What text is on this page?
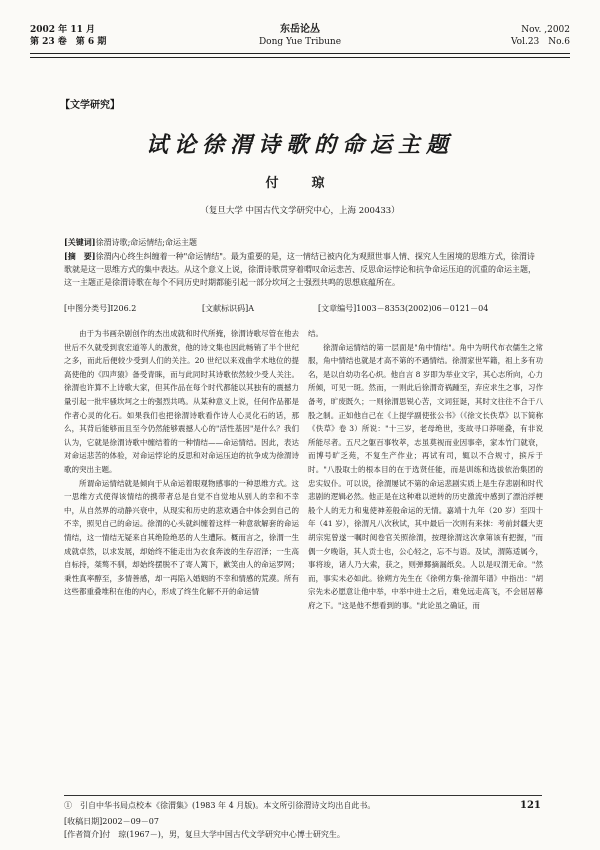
2002 年 11 月
第 23 卷　第 6 期
东岳论丛
Dong Yue Tribune
Nov. ,2002
Vol.23　No.6
【文学研究】
试论徐渭诗歌的命运主题
付　琼
（复旦大学 中国古代文学研究中心，上海 200433）
[关键词]徐渭诗歌;命运情结;命运主题
[摘　要]徐渭内心终生纠缠着一种"命运情结"。最为重要的是，这一情结已被内化为观照世事人情、探究人生困境的思维方式，徐渭诗歌就是这一思维方式的集中表达。从这个意义上说，徐渭诗歌贯穿着喟叹命运悲苦、反思命运悖论和抗争命运压迫的沉重的命运主题，这一主题正是徐渭诗歌在每个不同历史时期都能引起一部分坎坷之士强烈共鸣的思想底蕴所在。
[中图分类号]I206.2	[文献标识码]A	[文章编号]1003－8353(2002)06－0121－04

由于为书画杂剧创作的杰出成就和时代所掩，徐渭诗歌尽管在他去世后不久就受到袁宏道等人的激赏，他的诗文集也因此畅销了半个世纪之多，而此后便较少受到人们的关注。20 世纪以来戏曲学术地位的提高使他的《四声猿》备受青睐，而与此同时其诗歌依然较少受人关注。徐渭也许算不上诗歌大家，但其作品在每个时代都能以其独有的震撼力量引起一批牢骚坎坷之士的强烈共鸣。从某种意义上说，任何作品都是作者心灵的化石。如果我们也把徐渭诗歌看作诗人心灵化石的话，那么，其背后能够而且至今仍然能够震撼人心的"活性基因"是什么？我们认为，它就是徐渭诗歌中缠结着的一种情结——命运情结。因此，表达对命运悲苦的体验，对命运悖论的反思和对命运压迫的抗争成为徐渭诗歌的突出主题。

所谓命运情结就是倾向于从命运着眼观物感事的一种思维方式。这一思维方式使得该情结的携带者总是自觉不自觉地从别人的幸和不幸中，从自然界的动静兴衰中，从现实和历史的悲欢遇合中体会到自己的不幸，照见自己的命运。徐渭的心头就纠缠着这样一种意欲解套的命运情结，这一情结无疑来自其绝险绝恶的人生遭际。概而言之，徐渭一生成就卓然，以求发展，却始终不能走出为衣食奔波的生存沼泽；一生高自标持，桀骜不驯，却始终摆脱不了寄人篱下，歉笑由人的命运罗网；秉性真率醇至，多情善感，却一再陷入婚姻的不幸和情感的荒漠。所有这些都重叠堆积在他的内心，形成了终生化解不开的命运情

结。

徐渭命运情结的第一层面是"角中情结"。角中为明代布衣儒生之常服，角中情结也就是才高不第的不遇情结。徐渭家世军籍，祖上多有功名，是以自幼功名心炽。他自言 8 岁即为举业文字，其心志所向，心力所倾，可见一斑。然而，一则此后徐渭奇祸踵至，弃应求生之事，习作备考，旷废既久；一则徐渭思锐心苦，文词狂诞，其时文往往不合于八股之制。正如他自己在《上提学副使张公书》（《徐文长佚草》以下简称《佚草》卷 3）所说："十三岁，老母绝世，变故寻口莽嗟叠，有非说所能尽者。五尺之躯百事牧萃，志虽莫视而业因事牵，家本竹门就衰，而博号旷乏苑，不复生产作业；再试有司，辄以不合规寸，摈斥于时。"八股取士的根本目的在于选贤任能，而是训练和选拔依治集团的忠实奴仆。可以说，徐渭屡试不第的命运悲剧实质上是生存悲剧和时代悲剧的逻辑必然。他正是在这种难以逆转的历史激流中感到了漂泊浮梗般个人的无力和鬼使神差般命运的无情。嘉靖十九年（20 岁）至四十年（41 岁），徐渭凡八次秋试，其中最后一次则有来抹：考前封疆大吏胡宗宪曾遂一嘱时阅卷官关照徐渭，按理徐渭这次拿第该有把握，"而偶一夕晚诣，其人贡士也，公心轻之，忘不与语。及试，渭陈适属今，事将竣，诸人乃大索，获之，则弹揶摘漏纸矣。人以是叹渭无命。"然而，事实未必如此。徐朔方先生在《徐朔方集·徐渭年谱》中指出："胡宗先未必愿意让他中举，中举中进士之后，难免远走高飞，不会屈居幕府之下。"这是他不想看到的事。"此论虽之确证，而

①　引自中华书局点校本《徐渭集》(1983 年 4 月版)。本文所引徐渭诗文均出自此书。
[收稿日期]2002－09－07
[作者简介]付　琼(1967－)，男，复旦大学中国古代文学研究中心博士研究生。
121
